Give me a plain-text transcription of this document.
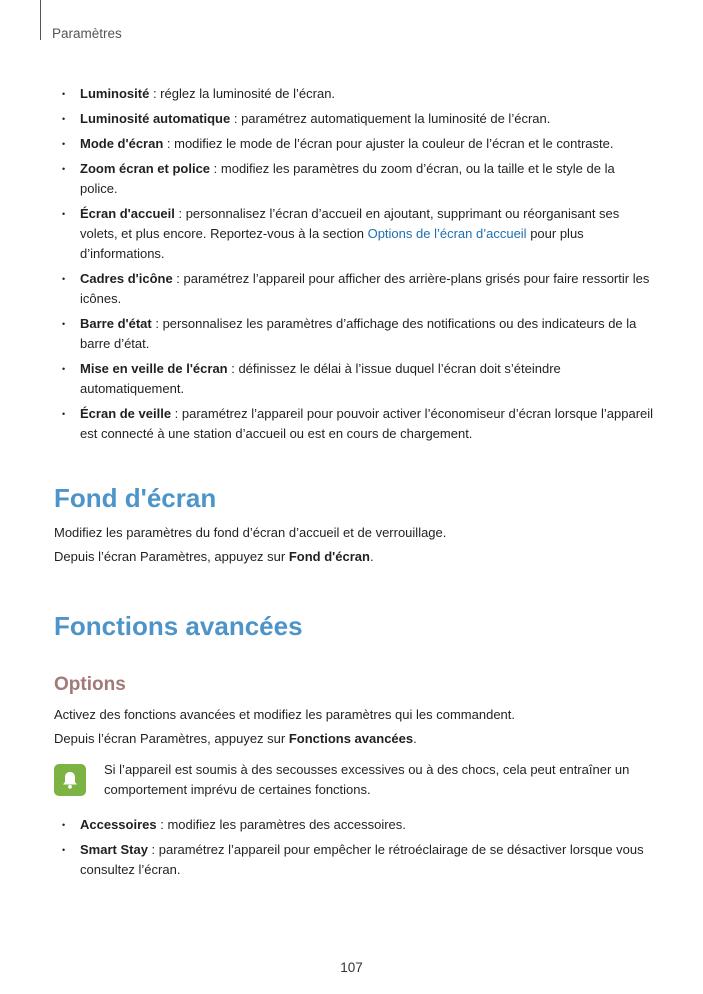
Paramètres
• Luminosité : réglez la luminosité de l’écran.
• Luminosité automatique : paramétrez automatiquement la luminosité de l’écran.
• Mode d'écran : modifiez le mode de l’écran pour ajuster la couleur de l’écran et le contraste.
• Zoom écran et police : modifiez les paramètres du zoom d’écran, ou la taille et le style de la police.
• Écran d'accueil : personnalisez l’écran d’accueil en ajoutant, supprimant ou réorganisant ses volets, et plus encore. Reportez-vous à la section Options de l’écran d’accueil pour plus d’informations.
• Cadres d'icône : paramétrez l’appareil pour afficher des arrière-plans grisés pour faire ressortir les icônes.
• Barre d'état : personnalisez les paramètres d’affichage des notifications ou des indicateurs de la barre d’état.
• Mise en veille de l'écran : définissez le délai à l’issue duquel l’écran doit s’éteindre automatiquement.
• Écran de veille : paramétrez l’appareil pour pouvoir activer l’économiseur d’écran lorsque l’appareil est connecté à une station d’accueil ou est en cours de chargement.
Fond d'écran

Modifiez les paramètres du fond d’écran d’accueil et de verrouillage.

Depuis l’écran Paramètres, appuyez sur Fond d'écran.

Fonctions avancées
Options

Activez des fonctions avancées et modifiez les paramètres qui les commandent.

Depuis l’écran Paramètres, appuyez sur Fonctions avancées.

Si l’appareil est soumis à des secousses excessives ou à des chocs, cela peut entraîner un comportement imprévu de certaines fonctions.
• Accessoires : modifiez les paramètres des accessoires.
• Smart Stay : paramétrez l’appareil pour empêcher le rétroéclairage de se désactiver lorsque vous consultez l’écran.
107
